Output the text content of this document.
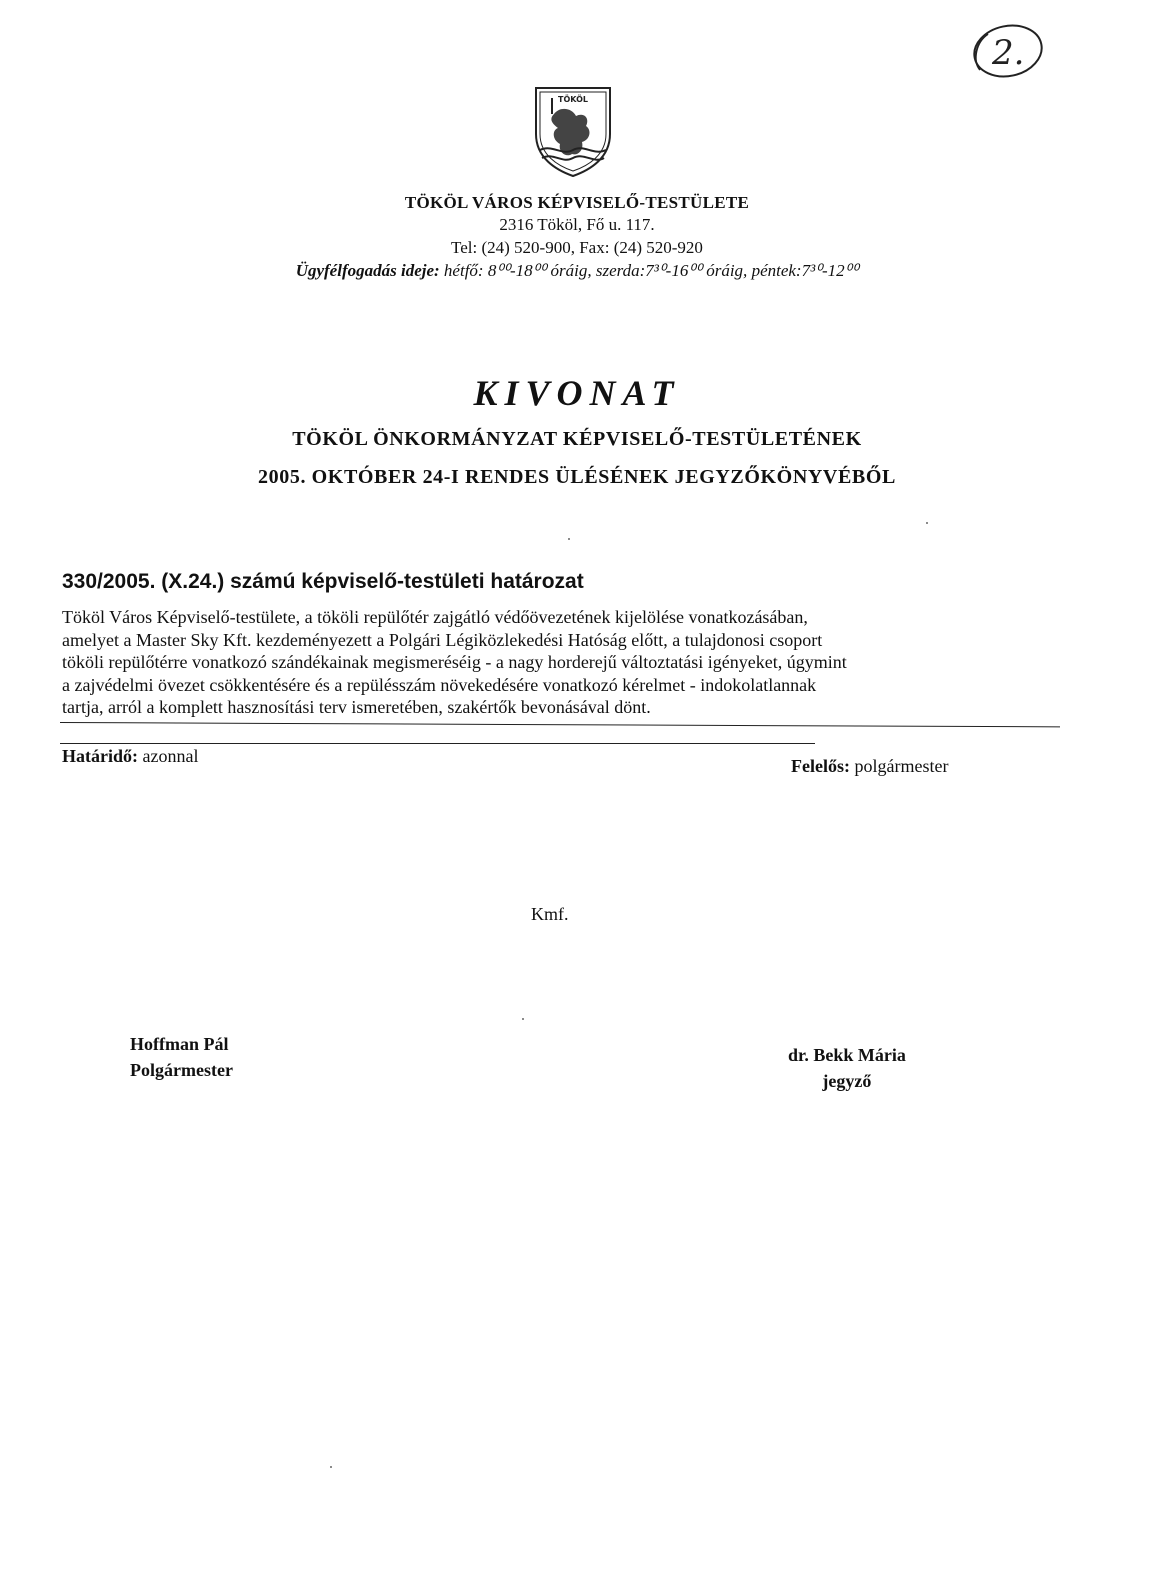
2.
TÖKÖL
TÖKÖL VÁROS KÉPVISELŐ-TESTÜLETE
2316 Tököl, Fő u. 117.
Tel: (24) 520-900, Fax: (24) 520-920
Ügyfélfogadás ideje: hétfő: 8⁰⁰-18⁰⁰ óráig, szerda:7³⁰-16⁰⁰ óráig, péntek:7³⁰-12⁰⁰
KIVONAT
TÖKÖL ÖNKORMÁNYZAT KÉPVISELŐ-TESTÜLETÉNEK
2005. OKTÓBER 24-I RENDES ÜLÉSÉNEK JEGYZŐKÖNYVÉBŐL
330/2005. (X.24.) számú képviselő-testületi határozat
Tököl Város Képviselő-testülete, a tököli repülőtér zajgátló védőövezetének kijelölése vonatkozásában,
amelyet a Master Sky Kft. kezdeményezett a Polgári Légiközlekedési Hatóság előtt, a tulajdonosi csoport
tököli repülőtérre vonatkozó szándékainak megismeréséig - a nagy horderejű változtatási igényeket, úgymint
a zajvédelmi övezet csökkentésére és a repülésszám növekedésére vonatkozó kérelmet - indokolatlannak
tartja, arról a komplett hasznosítási terv ismeretében, szakértők bevonásával dönt.
Határidő: azonnal	Felelős: polgármester
Kmf.
Hoffman Pál
Polgármester
dr. Bekk Mária
jegyző
